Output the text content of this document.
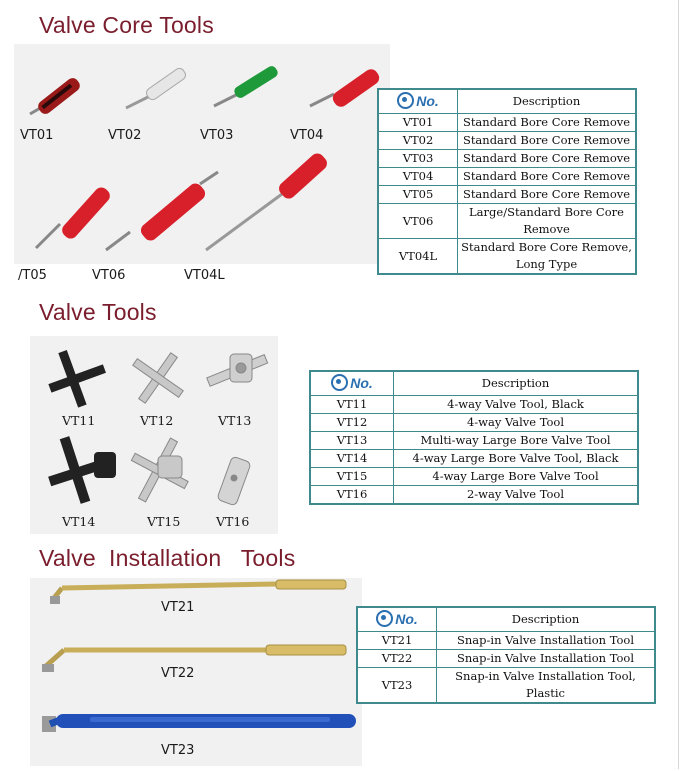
Valve Core Tools
VT01	VT02	VT03	VT04
/T05	VT06	VT04L
No.	Description
VT01	Standard Bore Core Remove
VT02	Standard Bore Core Remove
VT03	Standard Bore Core Remove
VT04	Standard Bore Core Remove
VT05	Standard Bore Core Remove
VT06	Large/Standard Bore Core Remove
VT04L	Standard Bore Core Remove, Long Type
Valve Tools
VT11	VT12	VT13
VT14	VT15	VT16
No.	Description
VT11	4-way Valve Tool, Black
VT12	4-way Valve Tool
VT13	Multi-way Large Bore Valve Tool
VT14	4-way Large Bore Valve Tool, Black
VT15	4-way Large Bore Valve Tool
VT16	2-way Valve Tool
Valve  Installation   Tools
VT21
VT22
VT23
No.	Description
VT21	Snap-in Valve Installation Tool
VT22	Snap-in Valve Installation Tool
VT23	Snap-in Valve Installation Tool, Plastic
